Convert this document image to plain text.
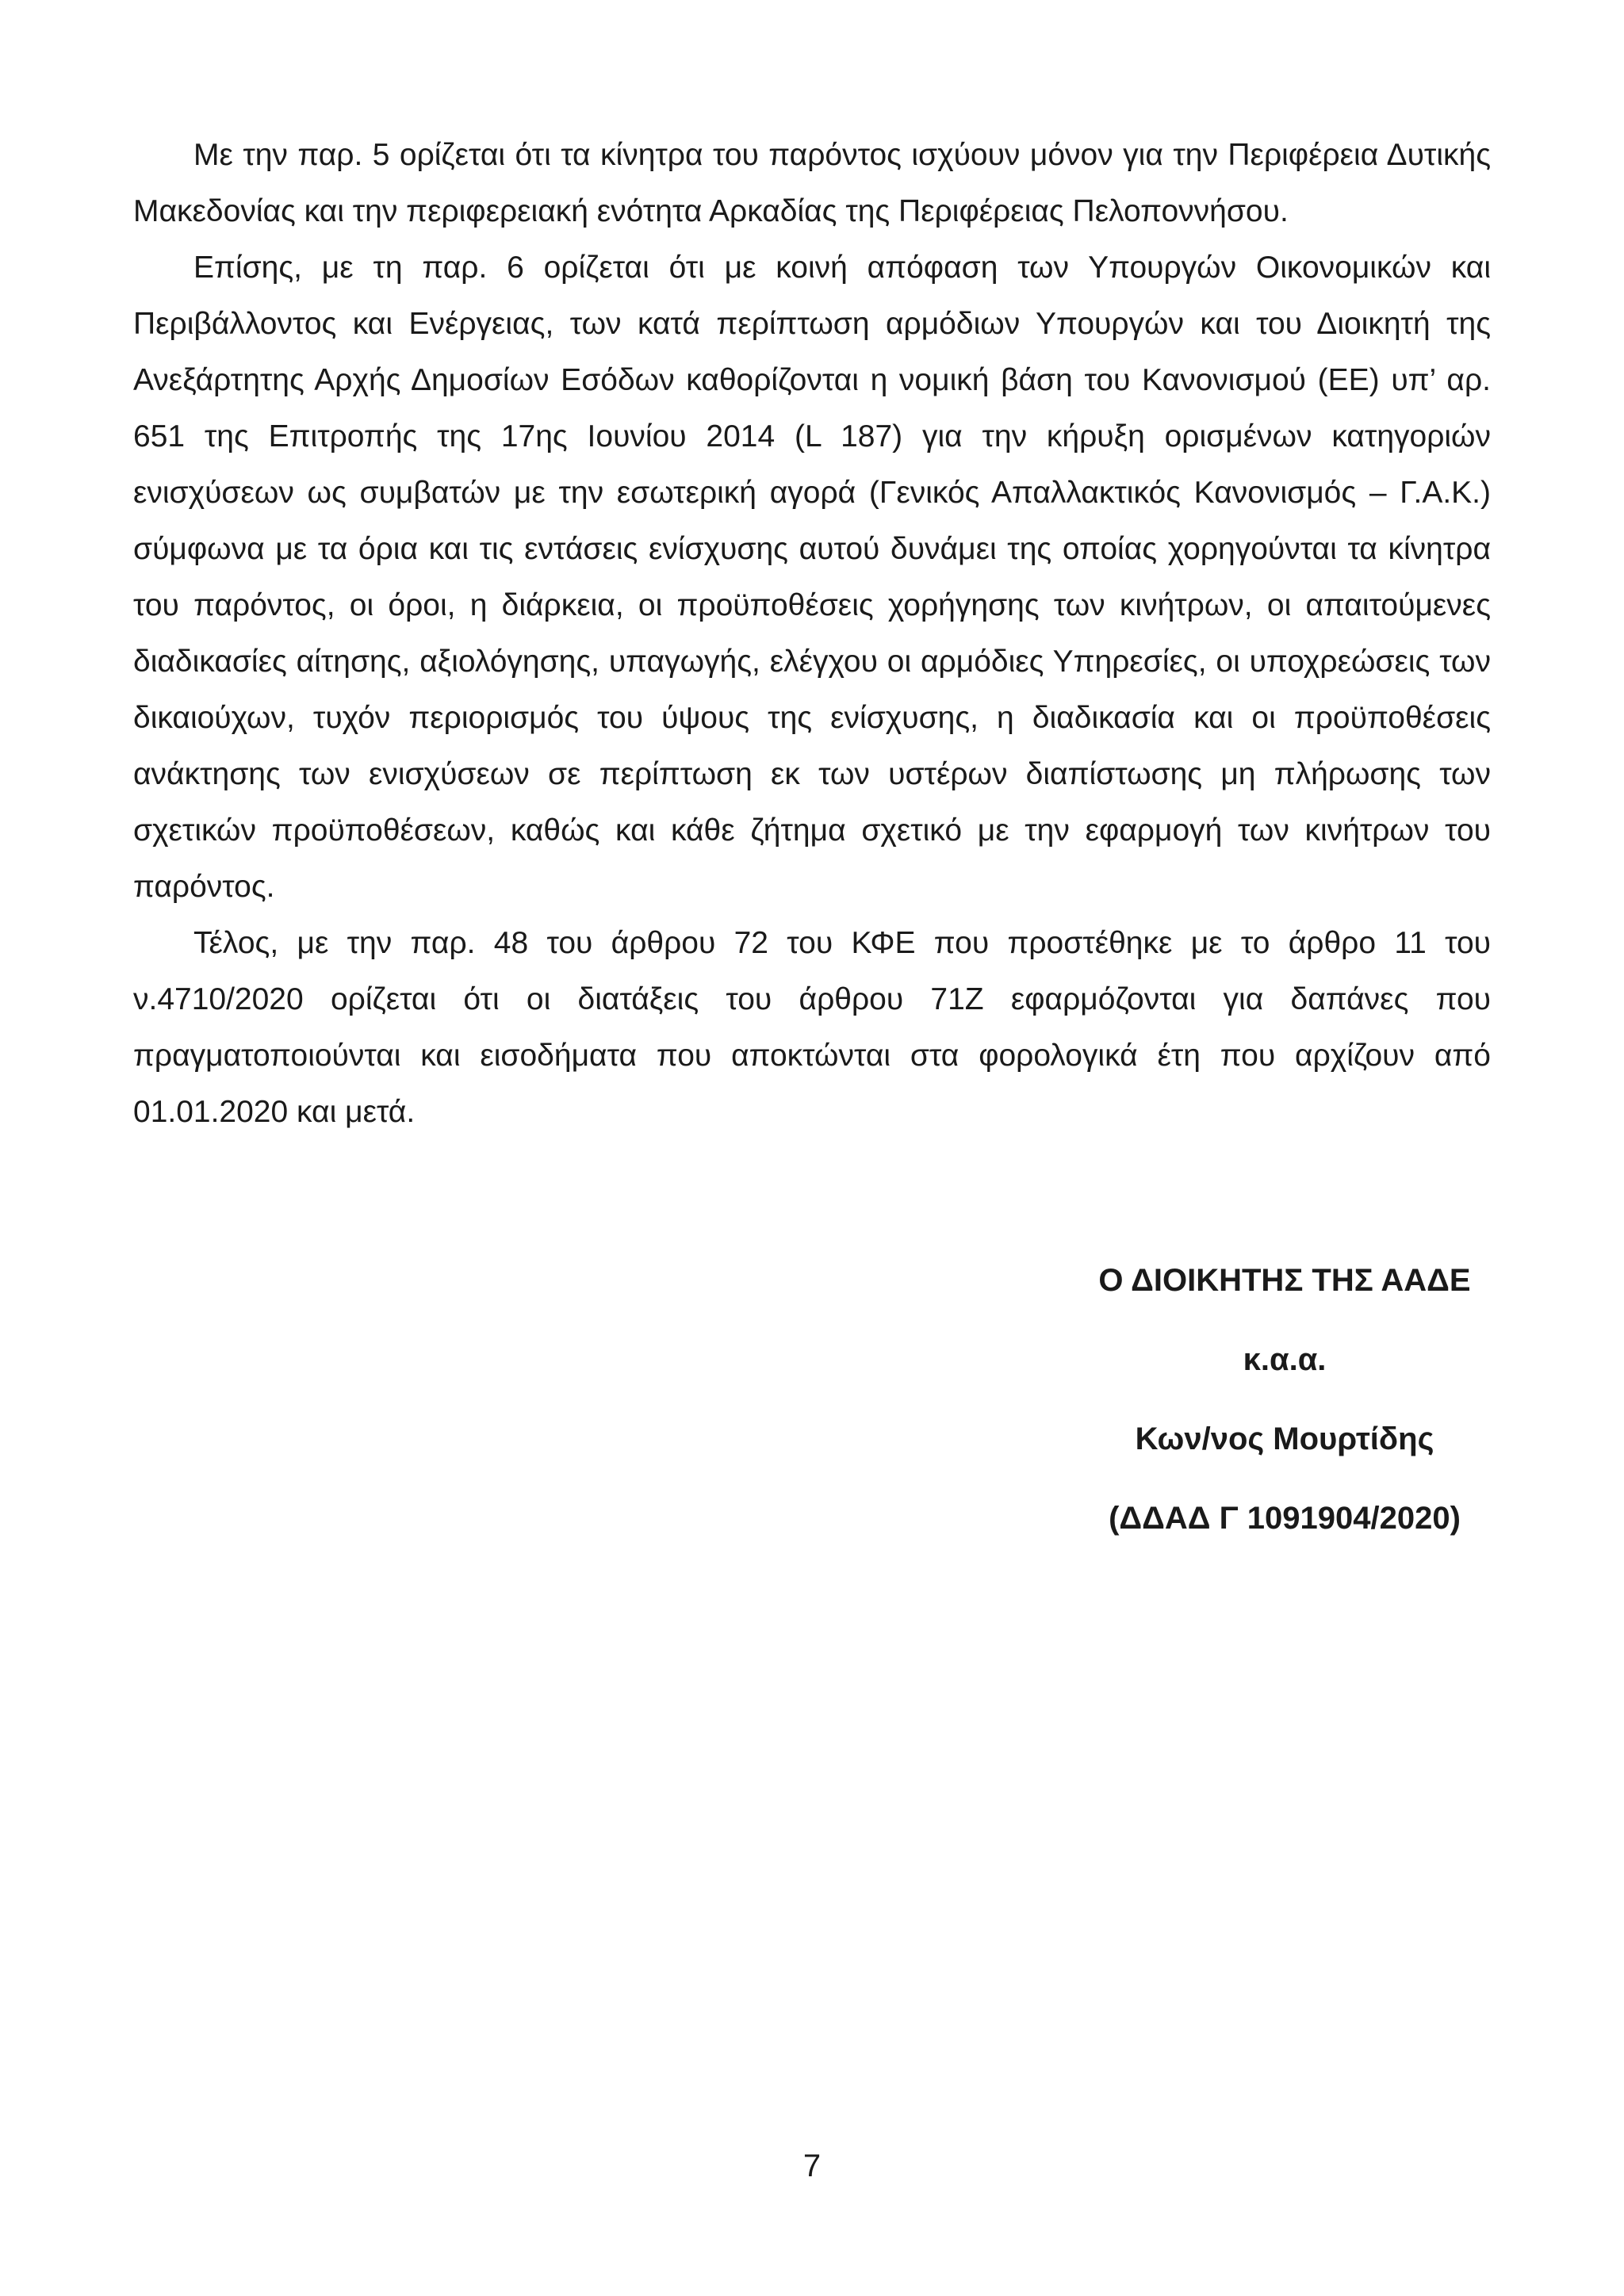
Με την παρ. 5 ορίζεται ότι τα κίνητρα του παρόντος ισχύουν μόνον για την Περιφέρεια Δυτικής Μακεδονίας και την περιφερειακή ενότητα Αρκαδίας της Περιφέρειας Πελοποννήσου.

Επίσης, με τη παρ. 6 ορίζεται ότι με κοινή απόφαση των Υπουργών Οικονομικών και Περιβάλλοντος και Ενέργειας, των κατά περίπτωση αρμόδιων Υπουργών και του Διοικητή της Ανεξάρτητης Αρχής Δημοσίων Εσόδων καθορίζονται η νομική βάση του Κανονισμού (ΕΕ) υπ’ αρ. 651 της Επιτροπής της 17ης Ιουνίου 2014 (L 187) για την κήρυξη ορισμένων κατηγοριών ενισχύσεων ως συμβατών με την εσωτερική αγορά (Γενικός Απαλλακτικός Κανονισμός – Γ.Α.Κ.) σύμφωνα με τα όρια και τις εντάσεις ενίσχυσης αυτού δυνάμει της οποίας χορηγούνται τα κίνητρα του παρόντος, οι όροι, η διάρκεια, οι προϋποθέσεις χορήγησης των κινήτρων, οι απαιτούμενες διαδικασίες αίτησης, αξιολόγησης, υπαγωγής, ελέγχου οι αρμόδιες Υπηρεσίες, οι υποχρεώσεις των δικαιούχων, τυχόν περιορισμός του ύψους της ενίσχυσης, η διαδικασία και οι προϋποθέσεις ανάκτησης των ενισχύσεων σε περίπτωση εκ των υστέρων διαπίστωσης μη πλήρωσης των σχετικών προϋποθέσεων, καθώς και κάθε ζήτημα σχετικό με την εφαρμογή των κινήτρων του παρόντος.

Τέλος, με την παρ. 48 του άρθρου 72 του ΚΦΕ που προστέθηκε με το άρθρο 11 του ν.4710/2020 ορίζεται ότι οι διατάξεις του άρθρου 71Ζ εφαρμόζονται για δαπάνες που πραγματοποιούνται και εισοδήματα που αποκτώνται στα φορολογικά έτη που αρχίζουν από 01.01.2020 και μετά.

Ο ΔΙΟΙΚΗΤΗΣ ΤΗΣ ΑΑΔΕ
κ.α.α.
Κων/νος Μουρτίδης
(ΔΔΑΔ Γ 1091904/2020)
7
